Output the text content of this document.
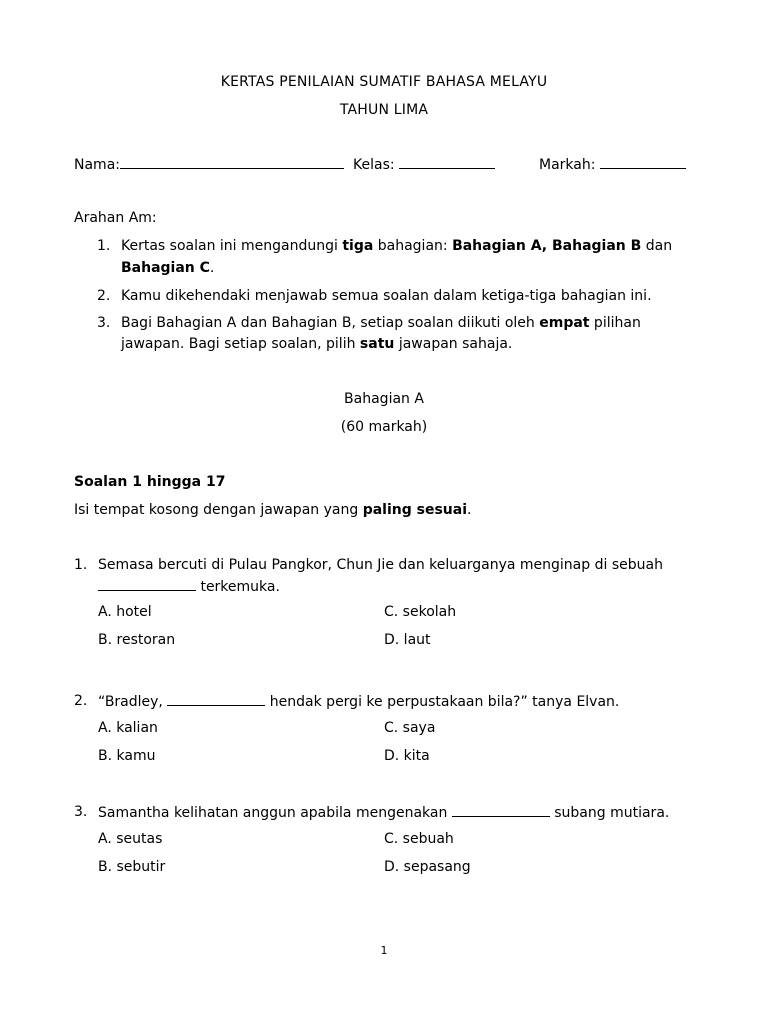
KERTAS PENILAIAN SUMATIF BAHASA MELAYU
TAHUN LIMA
Nama:	Kelas:	Markah:
Arahan Am:
1. Kertas soalan ini mengandungi tiga bahagian: Bahagian A, Bahagian B dan
Bahagian C.
2. Kamu dikehendaki menjawab semua soalan dalam ketiga-tiga bahagian ini.
3. Bagi Bahagian A dan Bahagian B, setiap soalan diikuti oleh empat pilihan
jawapan. Bagi setiap soalan, pilih satu jawapan sahaja.
Bahagian A
(60 markah)
Soalan 1 hingga 17
Isi tempat kosong dengan jawapan yang paling sesuai.
1. Semasa bercuti di Pulau Pangkor, Chun Jie dan keluarganya menginap di sebuah
terkemuka.
A. hotel
B. restoran
C. sekolah
D. laut
2. “Bradley,	hendak pergi ke perpustakaan bila?” tanya Elvan.
A. kalian
B. kamu
C. saya
D. kita
3. Samantha kelihatan anggun apabila mengenakan	subang mutiara.
A. seutas
B. sebutir
C. sebuah
D. sepasang
1
